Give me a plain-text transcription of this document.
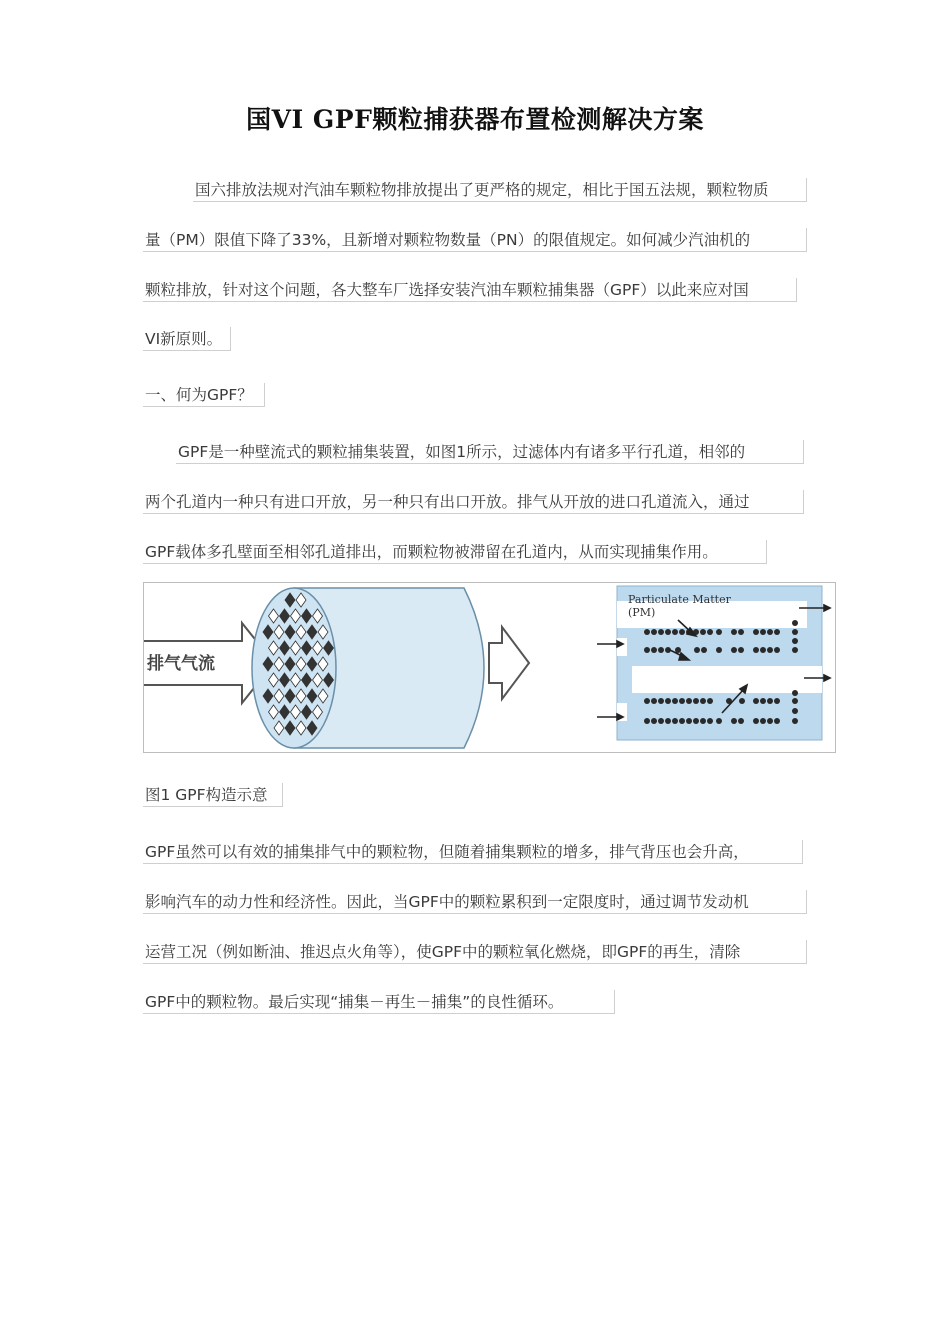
国VI GPF颗粒捕获器布置检测解决方案
国六排放法规对汽油车颗粒物排放提出了更严格的规定，相比于国五法规，颗粒物质
量（PM）限值下降了33%，且新增对颗粒物数量（PN）的限值规定。如何减少汽油机的
颗粒排放，针对这个问题，各大整车厂选择安装汽油车颗粒捕集器（GPF）以此来应对国
VI新原则。
一、何为GPF？
GPF是一种壁流式的颗粒捕集装置，如图1所示，过滤体内有诸多平行孔道，相邻的
两个孔道内一种只有进口开放，另一种只有出口开放。排气从开放的进口孔道流入，通过
GPF载体多孔壁面至相邻孔道排出，而颗粒物被滞留在孔道内，从而实现捕集作用。
排气气流
Particulate Matter
(PM)
图1 GPF构造示意
GPF虽然可以有效的捕集排气中的颗粒物，但随着捕集颗粒的增多，排气背压也会升高，
影响汽车的动力性和经济性。因此，当GPF中的颗粒累积到一定限度时，通过调节发动机
运营工况（例如断油、推迟点火角等），使GPF中的颗粒氧化燃烧，即GPF的再生，清除
GPF中的颗粒物。最后实现“捕集－再生－捕集”的良性循环。
